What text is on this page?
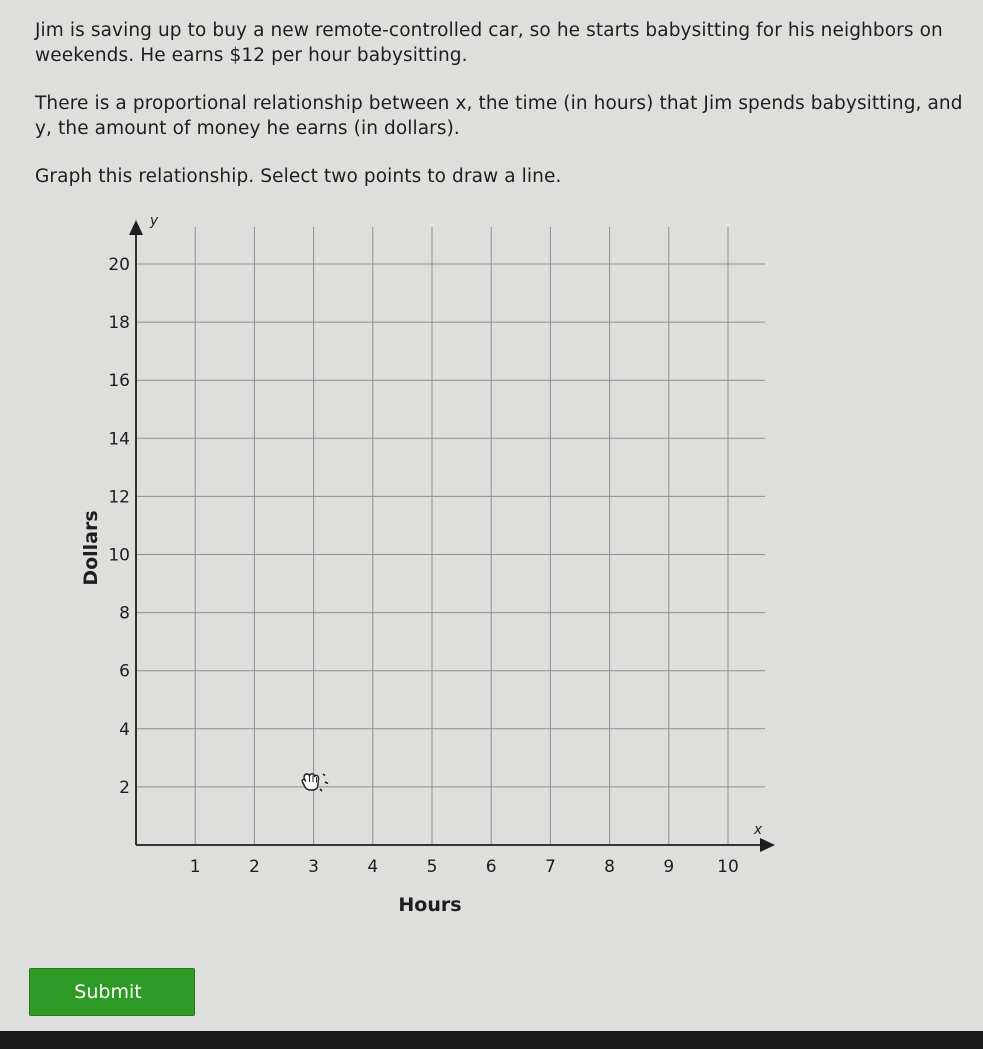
Jim is saving up to buy a new remote-controlled car, so he starts babysitting for his neighbors on weekends. He earns $12 per hour babysitting.

There is a proportional relationship between x, the time (in hours) that Jim spends babysitting, and y, the amount of money he earns (in dollars).

Graph this relationship. Select two points to draw a line.

1	2	3	4	5	6	7	8	9	10
2
4
6
8
10
12
14
16
18
20
x
y
Hours
Dollars
Submit
